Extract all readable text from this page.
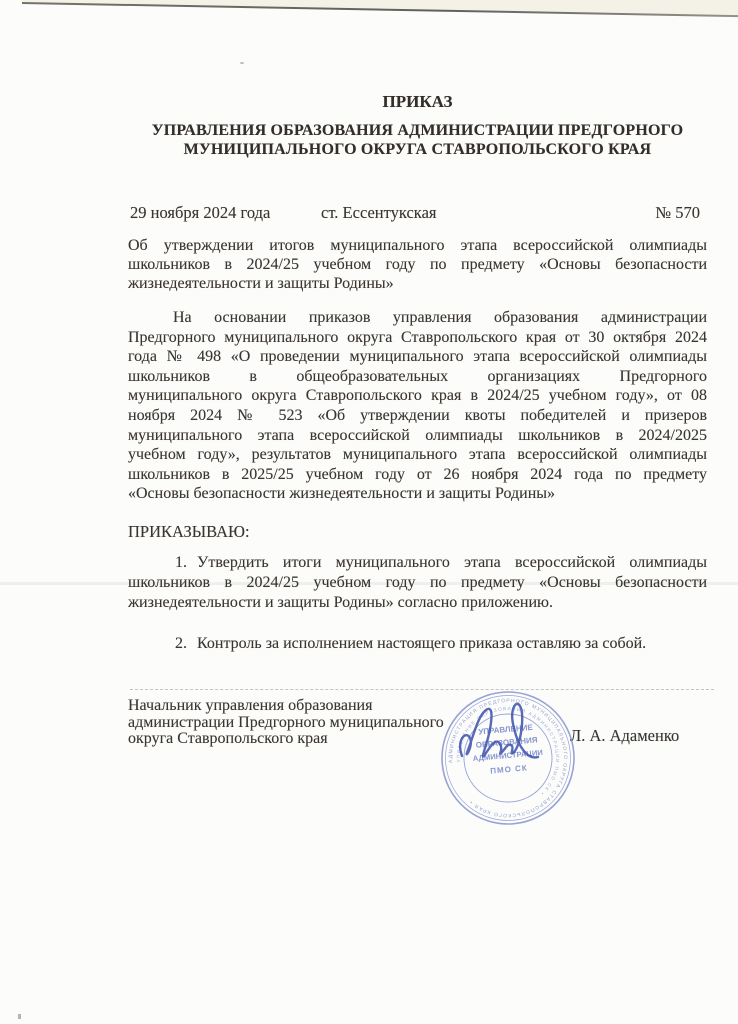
ПРИКАЗ
УПРАВЛЕНИЯ ОБРАЗОВАНИЯ АДМИНИСТРАЦИИ ПРЕДГОРНОГО
МУНИЦИПАЛЬНОГО ОКРУГА СТАВРОПОЛЬСКОГО КРАЯ
29 ноября 2024 года	ст. Ессентукская	№ 570
Об утверждении итогов муниципального этапа всероссийской олимпиады
школьников в 2024/25 учебном году по предмету «Основы безопасности
жизнедеятельности и защиты Родины»
На основании приказов управления образования администрации
Предгорного муниципального округа Ставропольского края от 30 октября 2024
года № 498 «О проведении муниципального этапа всероссийской олимпиады
школьников в общеобразовательных организациях Предгорного
муниципального округа Ставропольского края в 2024/25 учебном году», от 08
ноября 2024 № 523 «Об утверждении квоты победителей и призеров
муниципального этапа всероссийской олимпиады школьников в 2024/2025
учебном году», результатов муниципального этапа всероссийской олимпиады
школьников в 2025/25 учебном году от 26 ноября 2024 года по предмету
«Основы безопасности жизнедеятельности и защиты Родины»
ПРИКАЗЫВАЮ:
1. Утвердить итоги муниципального этапа всероссийской олимпиады
школьников в 2024/25 учебном году по предмету «Основы безопасности
жизнедеятельности и защиты Родины» согласно приложению.
2. Контроль за исполнением настоящего приказа оставляю за собой.
Начальник управления образования
администрации Предгорного муниципального
округа Ставропольского края	Л. А. Адаменко
АДМИНИСТРАЦИЯ ПРЕДГОРНОГО МУНИЦИПАЛЬНОГО ОКРУГА СТАВРОПОЛЬСКОГО КРАЯ •
УПРАВЛЕНИЕ ОБРАЗОВАНИЯ АДМИНИСТРАЦИИ ПМО СК •
УПРАВЛЕНИЕ
ОБРАЗОВАНИЯ
АДМИНИСТРАЦИИ
ПМО СК
